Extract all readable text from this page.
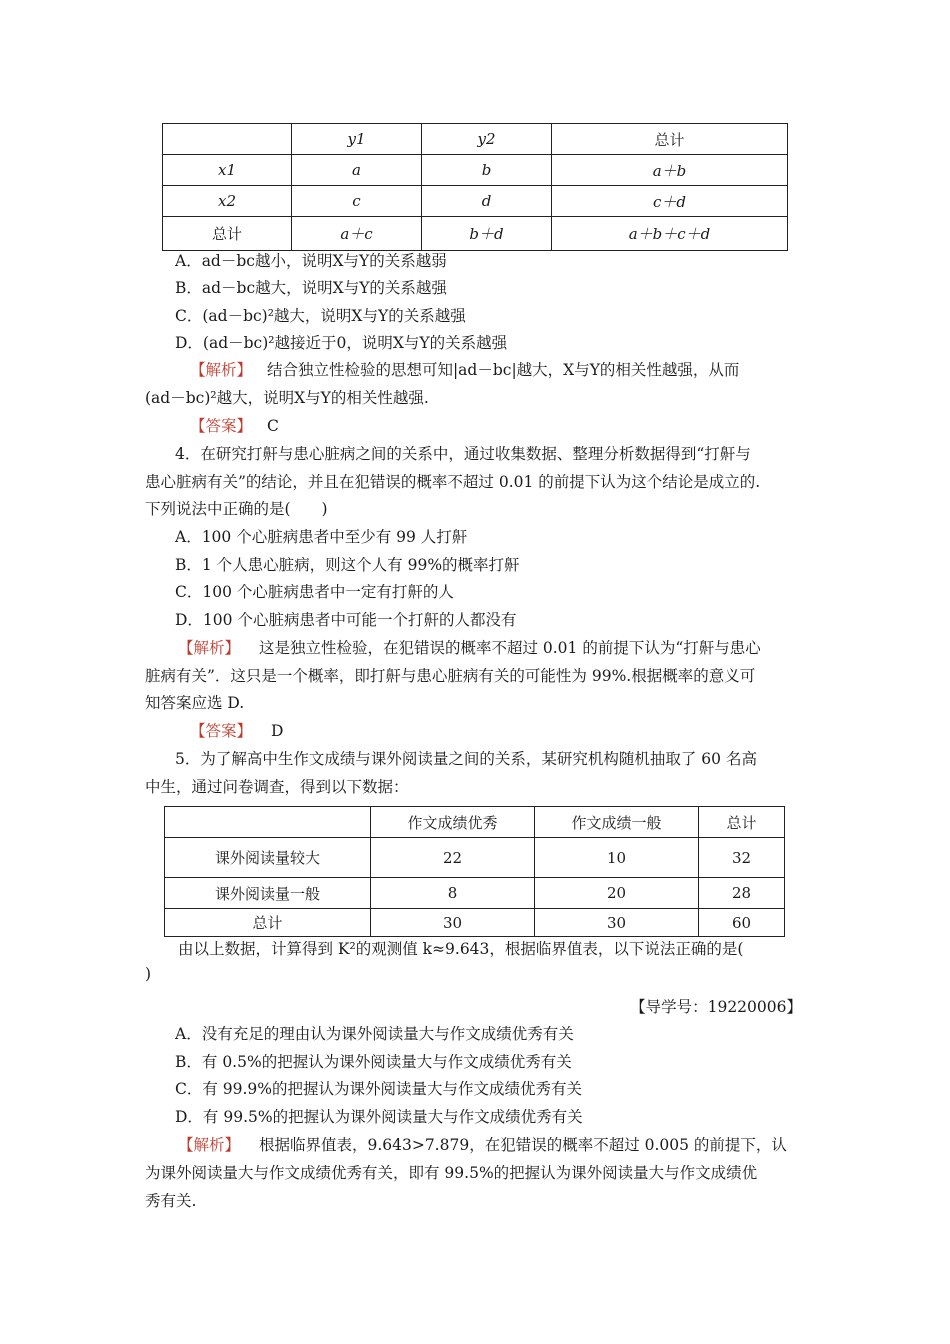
	y1	y2	总计
x1	a	b	a＋b
x2	c	d	c＋d
总计	a＋c	b＋d	a＋b＋c＋d
A．ad－bc越小，说明X与Y的关系越弱
B．ad－bc越大，说明X与Y的关系越强
C．(ad－bc)²越大，说明X与Y的关系越强
D．(ad－bc)²越接近于0，说明X与Y的关系越强
【解析】 结合独立性检验的思想可知|ad－bc|越大，X与Y的相关性越强，从而
(ad－bc)²越大，说明X与Y的相关性越强.
【答案】 C
4．在研究打鼾与患心脏病之间的关系中，通过收集数据、整理分析数据得到“打鼾与
患心脏病有关”的结论，并且在犯错误的概率不超过 0.01 的前提下认为这个结论是成立的.
下列说法中正确的是(　　)
A．100 个心脏病患者中至少有 99 人打鼾
B．1 个人患心脏病，则这个人有 99%的概率打鼾
C．100 个心脏病患者中一定有打鼾的人
D．100 个心脏病患者中可能一个打鼾的人都没有
【解析】 这是独立性检验，在犯错误的概率不超过 0.01 的前提下认为“打鼾与患心
脏病有关”．这只是一个概率，即打鼾与患心脏病有关的可能性为 99%.根据概率的意义可
知答案应选 D.
【答案】 D
5．为了解高中生作文成绩与课外阅读量之间的关系，某研究机构随机抽取了 60 名高
中生，通过问卷调查，得到以下数据：
	作文成绩优秀	作文成绩一般	总计
课外阅读量较大	22	10	32
课外阅读量一般	8	20	28
总计	30	30	60
由以上数据，计算得到 K²的观测值 k≈9.643，根据临界值表，以下说法正确的是(
)
【导学号：19220006】
A．没有充足的理由认为课外阅读量大与作文成绩优秀有关
B．有 0.5%的把握认为课外阅读量大与作文成绩优秀有关
C．有 99.9%的把握认为课外阅读量大与作文成绩优秀有关
D．有 99.5%的把握认为课外阅读量大与作文成绩优秀有关
【解析】 根据临界值表，9.643>7.879，在犯错误的概率不超过 0.005 的前提下，认
为课外阅读量大与作文成绩优秀有关，即有 99.5%的把握认为课外阅读量大与作文成绩优
秀有关.
